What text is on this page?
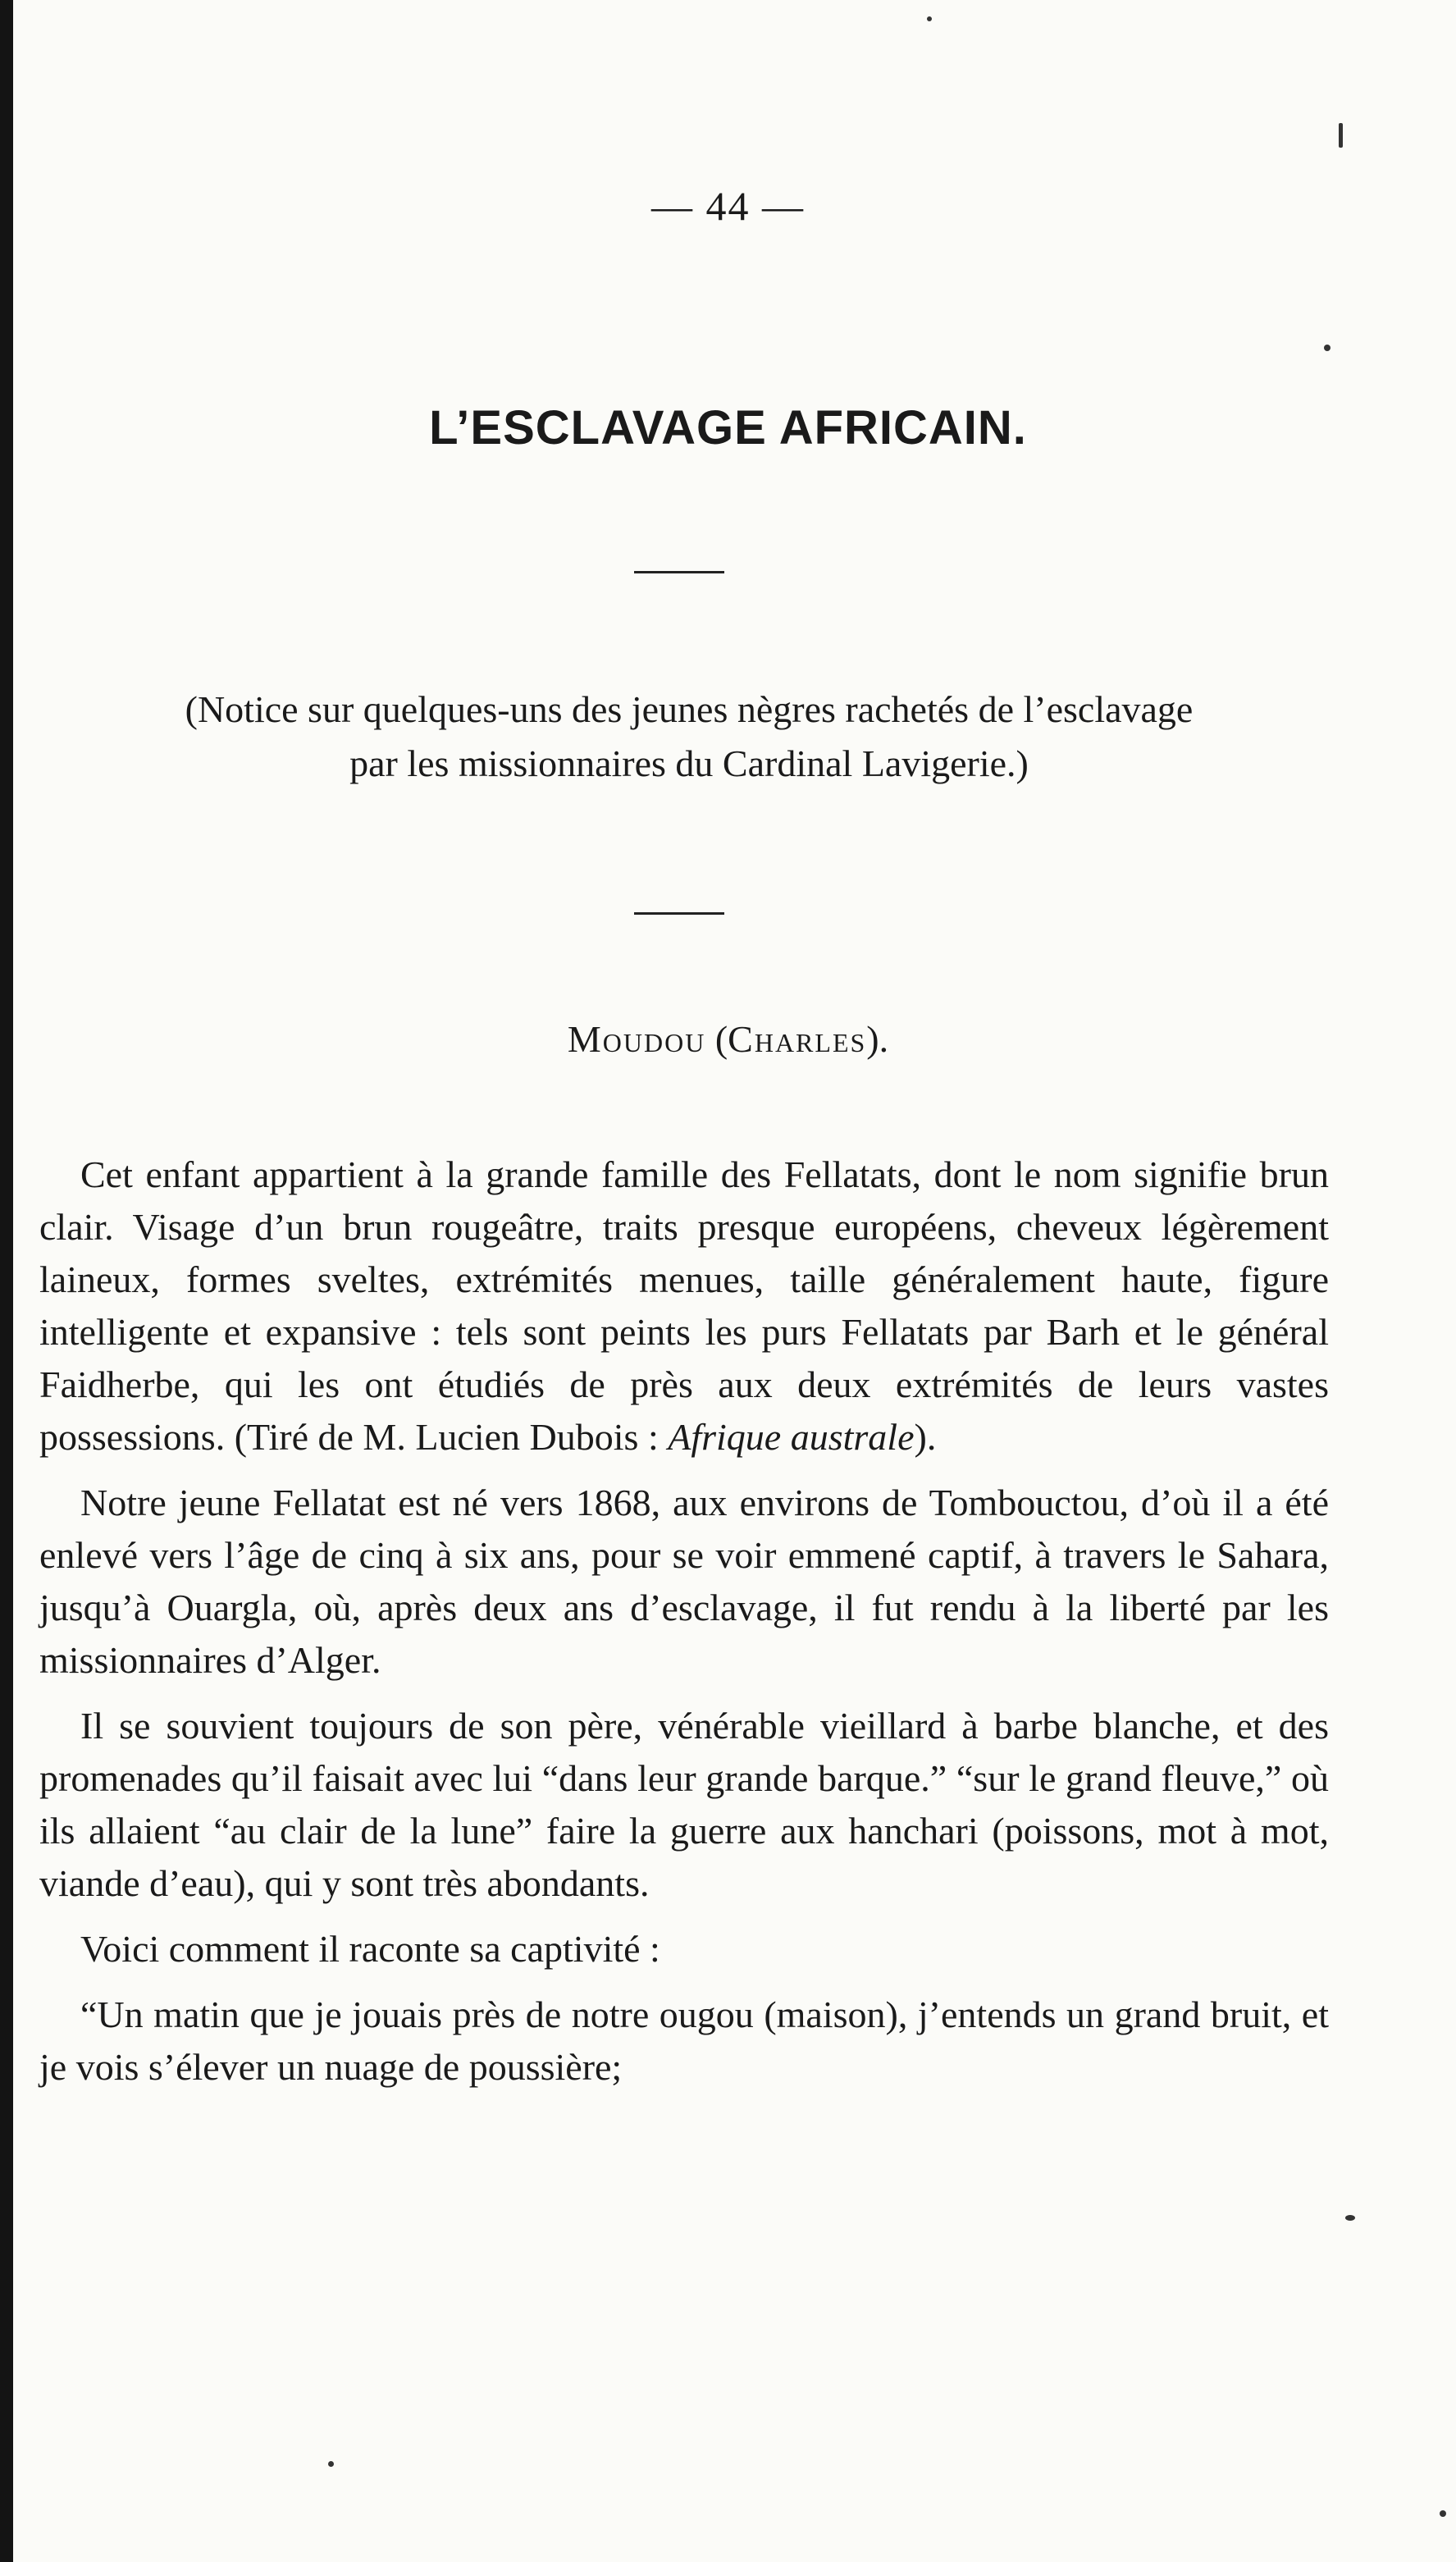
— 44 —
L’ESCLAVAGE AFRICAIN.
(Notice sur quelques-uns des jeunes nègres rachetés de l’esclavage
par les missionnaires du Cardinal Lavigerie.)
Moudou (Charles).

Cet enfant appartient à la grande famille des Fellatats, dont le nom signifie brun clair. Visage d’un brun rougeâtre, traits presque européens, cheveux légèrement laineux, formes sveltes, extrémités menues, taille généralement haute, figure intelligente et expansive : tels sont peints les purs Fellatats par Barh et le général Faidherbe, qui les ont étudiés de près aux deux extrémités de leurs vastes possessions. (Tiré de M. Lucien Dubois : Afrique australe).

Notre jeune Fellatat est né vers 1868, aux environs de Tombouctou, d’où il a été enlevé vers l’âge de cinq à six ans, pour se voir emmené captif, à travers le Sahara, jusqu’à Ouargla, où, après deux ans d’esclavage, il fut rendu à la liberté par les missionnaires d’Alger.

Il se souvient toujours de son père, vénérable vieillard à barbe blanche, et des promenades qu’il faisait avec lui “dans leur grande barque.” “sur le grand fleuve,” où ils allaient “au clair de la lune” faire la guerre aux hanchari (poissons, mot à mot, viande d’eau), qui y sont très abondants.

Voici comment il raconte sa captivité :

“Un matin que je jouais près de notre ougou (maison), j’entends un grand bruit, et je vois s’élever un nuage de poussière;
